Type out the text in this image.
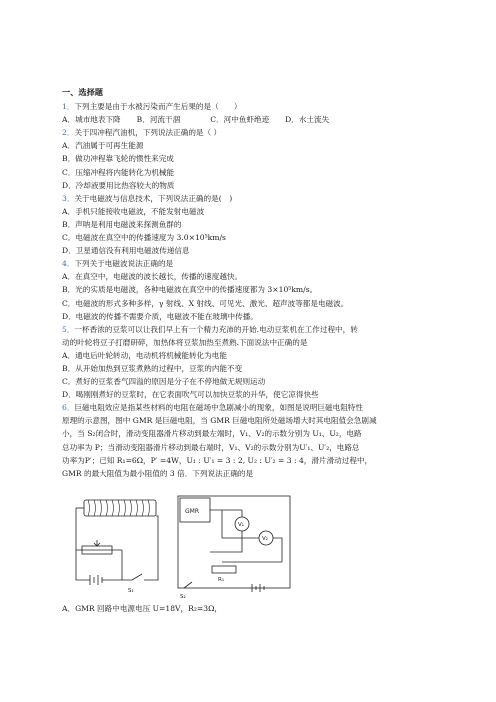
一、选择题
1．下列主要是由于水被污染而产生后果的是（　　）
A．城市地表下降 B．河流干涸	C．河中鱼虾绝迹 D．水土流失
2．关于四冲程汽油机，下列说法正确的是（ ）
A．汽油属于可再生能源
B．做功冲程靠飞轮的惯性来完成
C．压缩冲程将内能转化为机械能
D．冷却液要用比热容较大的物质
3．关于电磁波与信息技术，下列说法正确的是(　)
A．手机只能接收电磁波，不能发射电磁波
B．声呐是利用电磁波来探测鱼群的
C．电磁波在真空中的传播速度为 3.0×10⁵km/s
D．卫星通信没有利用电磁波传递信息
4．下列关于电磁波说法正确的是
A．在真空中，电磁波的波长越长，传播的速度越快。
B．光的实质是电磁波，各种电磁波在真空中的传播速度都为 3×10⁵km/s。
C．电磁波的形式多种多样，γ 射线、X 射线、可见光、激光、超声波等都是电磁波。
D．电磁波的传播不需要介质，电磁波不能在玻璃中传播。
5．一杯香浓的豆浆可以让我们早上有一个精力充沛的开始.电动豆浆机在工作过程中，转
动的叶轮将豆子打磨研碎，加热体将豆浆加热至煮熟.下面说法中正确的是
A．通电后叶轮转动，电动机将机械能转化为电能
B．从开始加热到豆浆煮熟的过程中，豆浆的内能不变
C．煮好的豆浆香气四溢的原因是分子在不停地做无规则运动
D．喝刚刚煮好的豆浆时，在它表面吹气可以加快豆浆的升华，使它凉得快些
6．巨磁电阻效应是指某些材料的电阻在磁场中急剧减小的现象，如图是说明巨磁电阻特性
原理的示意图，图中 GMR 是巨磁电阻，当 GMR 巨磁电阻所处磁场增大时其电阻值会急剧减
小，当 S₂闭合时，滑动变阻器滑片移动到最左端时，V₁、V₂的示数分别为 U₁、U₂，电路
总功率为 P；当滑动变阻器滑片移动到最右端时，V₁、V₂的示数分别为U′₁、U′₂，电路总
功率为P′；已知 R₁=6Ω，P′ =4W，U₁ : U′₁ = 3 : 2, U₂ : U′₂ = 3 : 4，滑片滑动过程中，
GMR 的最大阻值为最小阻值的 3 倍．下列说法正确的是
GMR
V₁
V₂
R₁
S₁
S₂
A．GMR 回路中电源电压 U=18V，R₂=3Ω，
